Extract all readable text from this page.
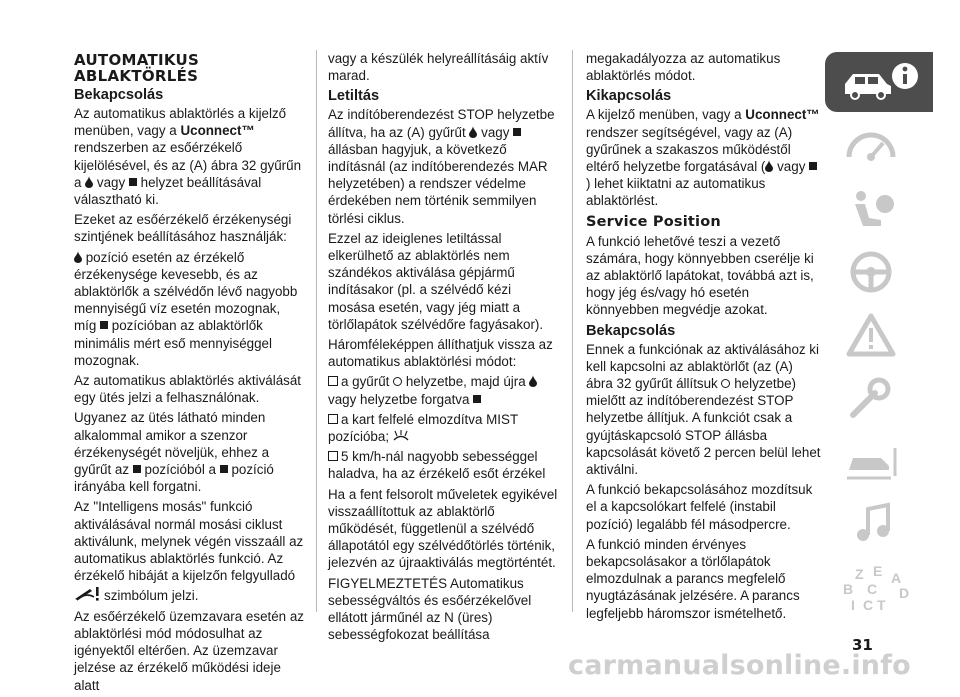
AUTOMATIKUS
ABLAKTÖRLÉS
Bekapcsolás

Az automatikus ablaktörlés a kijelző menüben, vagy a Uconnect™ rendszerben az esőérzékelő kijelölésével, és az (A) ábra 32 gyűrűn a  vagy  helyzet beállításával választható ki.

Ezeket az esőérzékelő érzékenységi szintjének beállításához használják:

pozíció esetén az érzékelő érzékenysége kevesebb, és az ablaktörlők a szélvédőn lévő nagyobb mennyiségű víz esetén mozognak, míg  pozícióban az ablaktörlők minimális mért eső mennyiséggel mozognak.

Az automatikus ablaktörlés aktiválását egy ütés jelzi a felhasználónak.

Ugyanez az ütés látható minden alkalommal amikor a szenzor érzékenységét növeljük, ehhez a gyűrűt az  pozícióból a  pozíció irányába kell forgatni.

Az "Intelligens mosás" funkció aktiválásával normál mosási ciklust aktiválunk, melynek végén visszaáll az automatikus ablaktörlés funkció. Az érzékelő hibáját a kijelzőn felgyulladó

szimbólum jelzi.

Az esőérzékelő üzemzavara esetén az ablaktörlési mód módosulhat az igényektől eltérően. Az üzemzavar jelzése az érzékelő működési ideje alatt

vagy a készülék helyreállításáig aktív marad.

Letiltás

Az indítóberendezést STOP helyzetbe állítva, ha az (A) gyűrűt  vagy  állásban hagyjuk, a következő indításnál (az indítóberendezés MAR helyzetében) a rendszer védelme érdekében nem történik semmilyen törlési ciklus.

Ezzel az ideiglenes letiltással elkerülhető az ablaktörlés nem szándékos aktiválása gépjármű indításakor (pl. a szélvédő kézi mosása esetén, vagy jég miatt a törlőlapátok szélvédőre fagyásakor).

Háromféleképpen állíthatjuk vissza az automatikus ablaktörlési módot:

a gyűrűt  helyzetbe, majd újra  vagy helyzetbe forgatva

a kart felfelé elmozdítva MIST pozícióba;

5 km/h-nál nagyobb sebességgel haladva, ha az érzékelő esőt érzékel

Ha a fent felsorolt műveletek egyikével visszaállítottuk az ablaktörlő működését, függetlenül a szélvédő állapotától egy szélvédőtörlés történik, jelezvén az újraaktiválás megtörténtét.

FIGYELMEZTETÉS Automatikus sebességváltós és esőérzékelővel ellátott járműnél az N (üres) sebességfokozat beállítása

megakadályozza az automatikus ablaktörlés módot.

Kikapcsolás

A kijelző menüben, vagy a Uconnect™ rendszer segítségével, vagy az (A) gyűrűnek a szakaszos működéstől eltérő helyzetbe forgatásával ( vagy ) lehet kiiktatni az automatikus ablaktörlést.

Service Position

A funkció lehetővé teszi a vezető számára, hogy könnyebben cserélje ki az ablaktörlő lapátokat, továbbá azt is, hogy jég és/vagy hó esetén könnyebben megvédje azokat.

Bekapcsolás

Ennek a funkciónak az aktiválásához ki kell kapcsolni az ablaktörlőt (az (A) ábra 32 gyűrűt állítsuk  helyzetbe) mielőtt az indítóberendezést STOP helyzetbe állítjuk. A funkciót csak a gyújtáskapcsoló STOP állásba kapcsolását követő 2 percen belül lehet aktiválni.

A funkció bekapcsolásához mozdítsuk el a kapcsolókart felfelé (instabil pozíció) legalább fél másodpercre.

A funkció minden érvényes bekapcsolásakor a törlőlapátok elmozdulnak a parancs megfelelő nyugtázásának jelzésére. A parancs legfeljebb háromszor ismételhető.

Z E A
B C D
I C T
31
carmanualsonline.info
